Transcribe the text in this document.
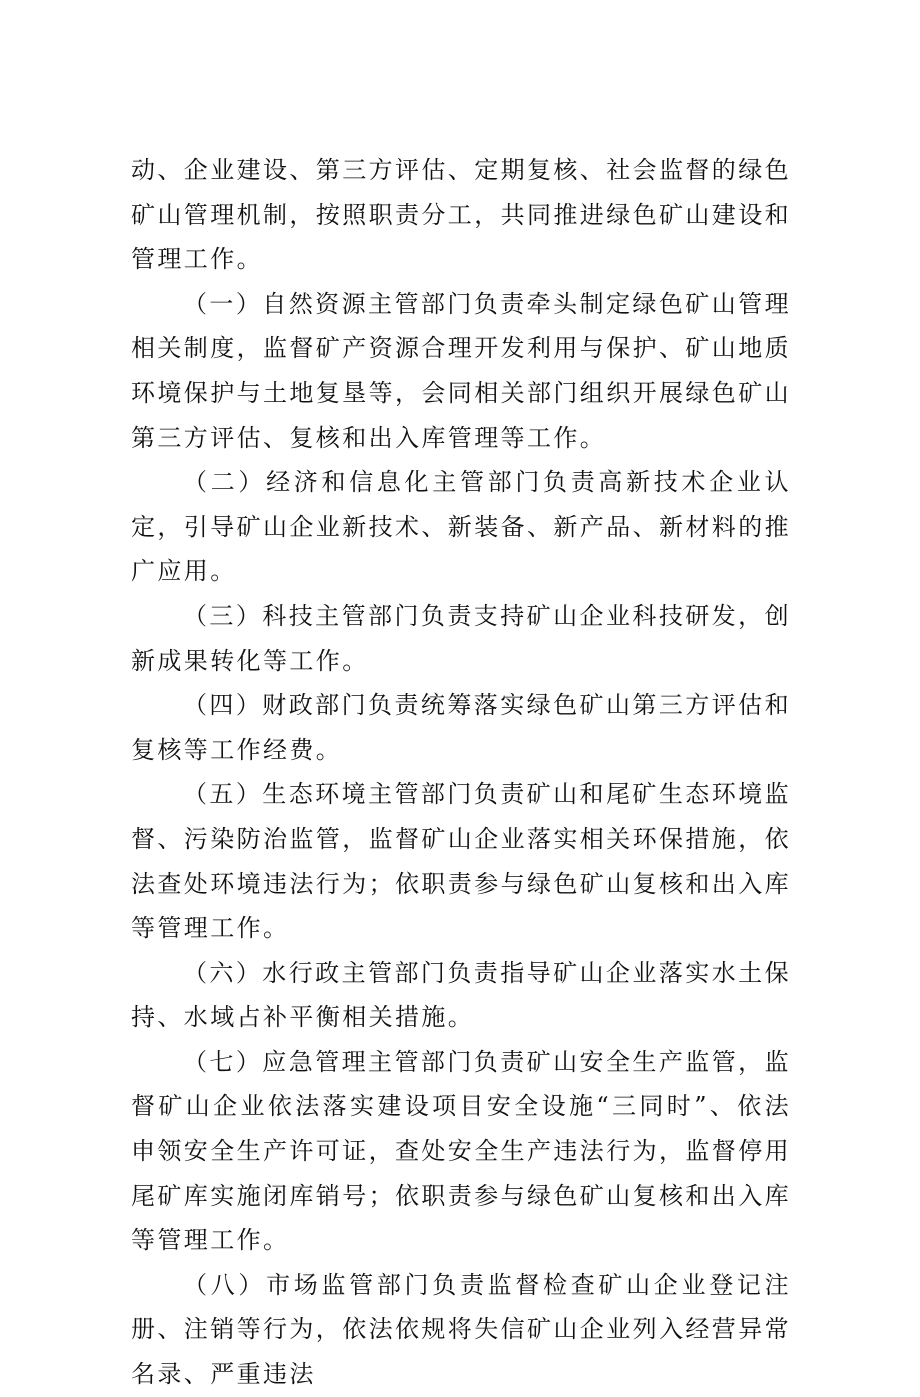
动、企业建设、第三方评估、定期复核、社会监督的绿色矿山管理机制，按照职责分工，共同推进绿色矿山建设和管理工作。

（一）自然资源主管部门负责牵头制定绿色矿山管理相关制度，监督矿产资源合理开发利用与保护、矿山地质环境保护与土地复垦等，会同相关部门组织开展绿色矿山第三方评估、复核和出入库管理等工作。

（二）经济和信息化主管部门负责高新技术企业认定，引导矿山企业新技术、新装备、新产品、新材料的推广应用。

（三）科技主管部门负责支持矿山企业科技研发，创新成果转化等工作。

（四）财政部门负责统筹落实绿色矿山第三方评估和复核等工作经费。

（五）生态环境主管部门负责矿山和尾矿生态环境监督、污染防治监管，监督矿山企业落实相关环保措施，依法查处环境违法行为；依职责参与绿色矿山复核和出入库等管理工作。

（六）水行政主管部门负责指导矿山企业落实水土保持、水域占补平衡相关措施。

（七）应急管理主管部门负责矿山安全生产监管，监督矿山企业依法落实建设项目安全设施“三同时”、依法申领安全生产许可证，查处安全生产违法行为，监督停用尾矿库实施闭库销号；依职责参与绿色矿山复核和出入库等管理工作。

（八）市场监管部门负责监督检查矿山企业登记注册、注销等行为，依法依规将失信矿山企业列入经营异常名录、严重违法
